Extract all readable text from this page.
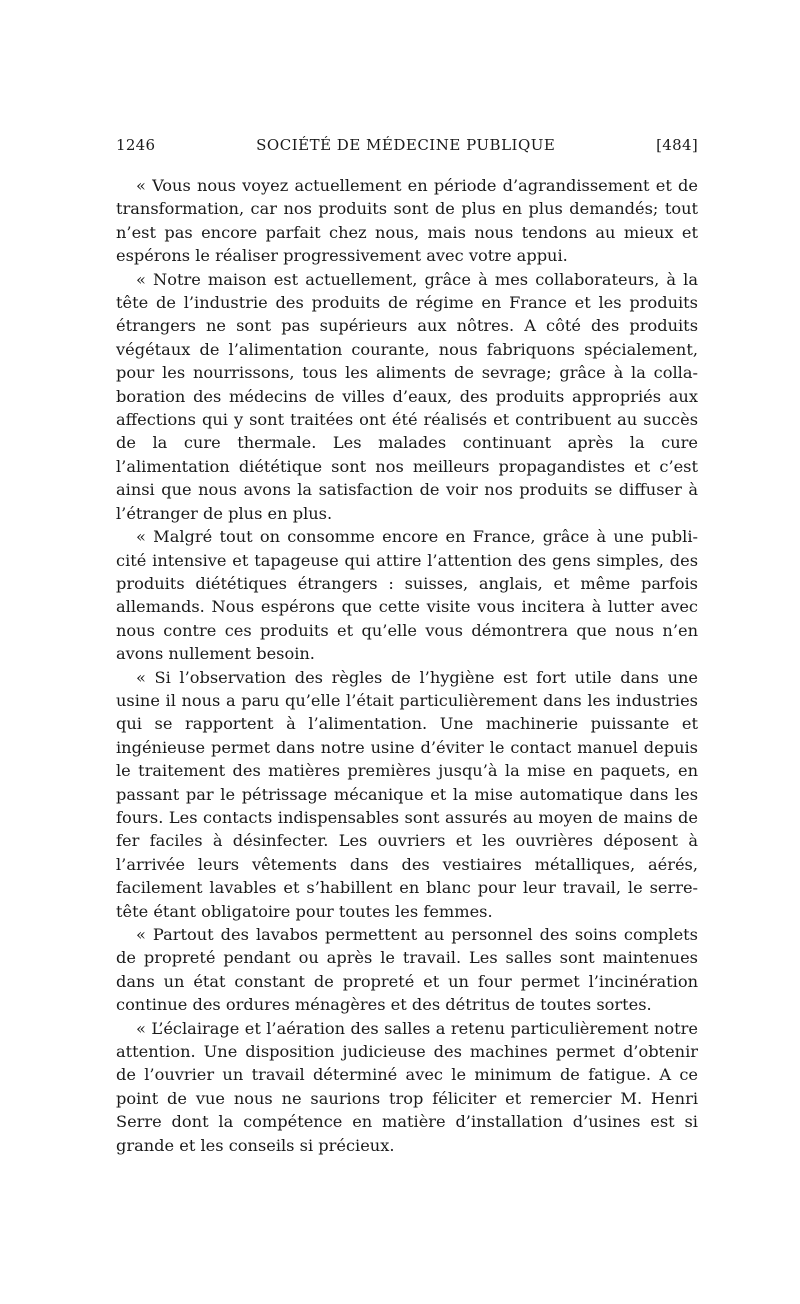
1246	SOCIÉTÉ DE MÉDECINE PUBLIQUE	[484]

« Vous nous voyez actuellement en période d’agrandissement et de transformation, car nos produits sont de plus en plus demandés; tout n’est pas encore parfait chez nous, mais nous tendons au mieux et espérons le réaliser progressivement avec votre appui.

« Notre maison est actuellement, grâce à mes collaborateurs, à la tête de l’industrie des produits de régime en France et les produits étrangers ne sont pas supérieurs aux nôtres. A côté des produits végétaux de l’alimentation courante, nous fabriquons spécialement, pour les nourrissons, tous les aliments de sevrage; grâce à la collaboration des médecins de villes d’eaux, des produits appropriés aux affections qui y sont traitées ont été réalisés et contribuent au succès de la cure thermale. Les malades continuant après la cure l’alimentation diététique sont nos meilleurs propagandistes et c’est ainsi que nous avons la satisfaction de voir nos produits se diffuser à l’étranger de plus en plus.

« Malgré tout on consomme encore en France, grâce à une publicité intensive et tapageuse qui attire l’attention des gens simples, des produits diététiques étrangers : suisses, anglais, et même parfois allemands. Nous espérons que cette visite vous incitera à lutter avec nous contre ces produits et qu’elle vous démontrera que nous n’en avons nullement besoin.

« Si l’observation des règles de l’hygiène est fort utile dans une usine il nous a paru qu’elle l’était particulièrement dans les industries qui se rapportent à l’alimentation. Une machinerie puissante et ingénieuse permet dans notre usine d’éviter le contact manuel depuis le traitement des matières premières jusqu’à la mise en paquets, en passant par le pétrissage mécanique et la mise automatique dans les fours. Les contacts indispensables sont assurés au moyen de mains de fer faciles à désinfecter. Les ouvriers et les ouvrières déposent à l’arrivée leurs vêtements dans des vestiaires métalliques, aérés, facilement lavables et s’habillent en blanc pour leur travail, le serre-tête étant obligatoire pour toutes les femmes.

« Partout des lavabos permettent au personnel des soins complets de propreté pendant ou après le travail. Les salles sont maintenues dans un état constant de propreté et un four permet l’incinération continue des ordures ménagères et des détritus de toutes sortes.

« L’éclairage et l’aération des salles a retenu particulièrement notre attention. Une disposition judicieuse des machines permet d’obtenir de l’ouvrier un travail déterminé avec le minimum de fatigue. A ce point de vue nous ne saurions trop féliciter et remercier M. Henri Serre dont la compétence en matière d’installation d’usines est si grande et les conseils si précieux.
